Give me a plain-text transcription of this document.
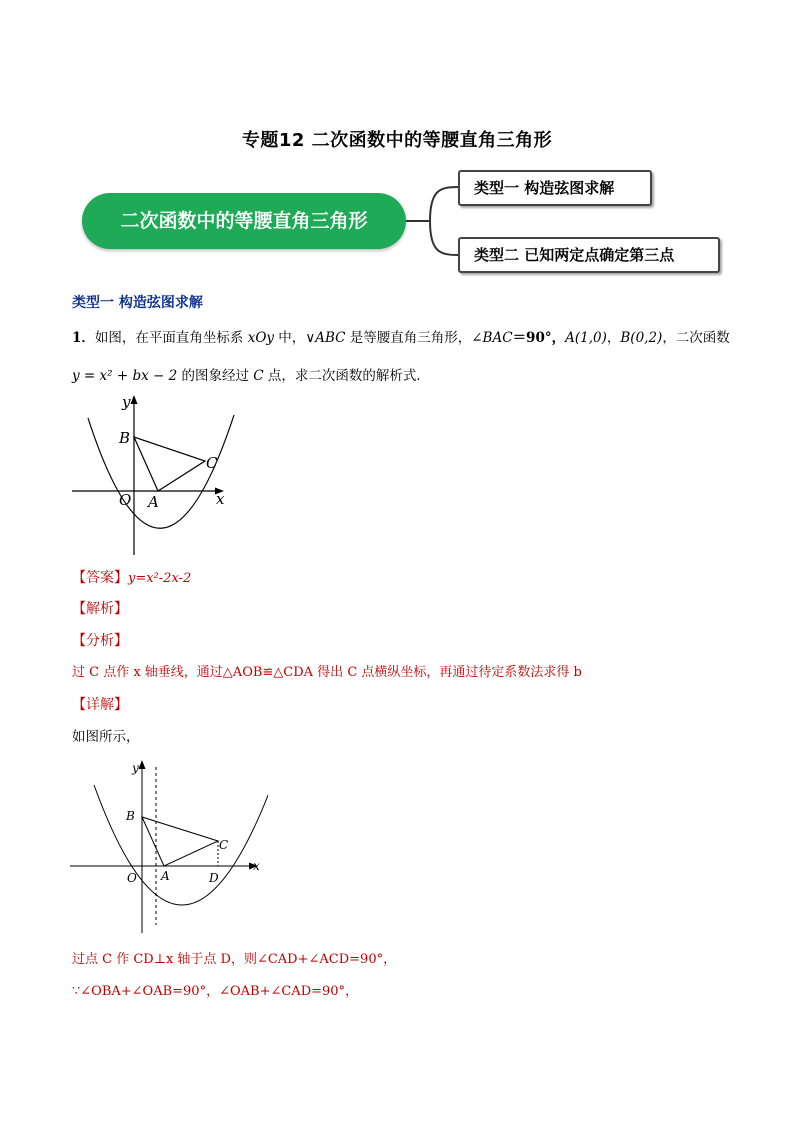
专题12 二次函数中的等腰直角三角形
二次函数中的等腰直角三角形
类型一 构造弦图求解
类型二 已知两定点确定第三点
类型一 构造弦图求解
1．如图，在平面直角坐标系 xOy 中，∨ABC 是等腰直角三角形，∠BAC＝90°，A(1,0)，B(0,2)，二次函数
y = x² + bx − 2 的图象经过 C 点，求二次函数的解析式．
y
x
O A
B
C
【答案】y=x²-2x-2
【解析】
【分析】
过 C 点作 x 轴垂线，通过△AOB≌△CDA 得出 C 点横纵坐标，再通过待定系数法求得 b
【详解】
如图所示，
y
x
O A
B
C
D
过点 C 作 CD⊥x 轴于点 D，则∠CAD+∠ACD=90°，
∵∠OBA+∠OAB=90°，∠OAB+∠CAD=90°，
